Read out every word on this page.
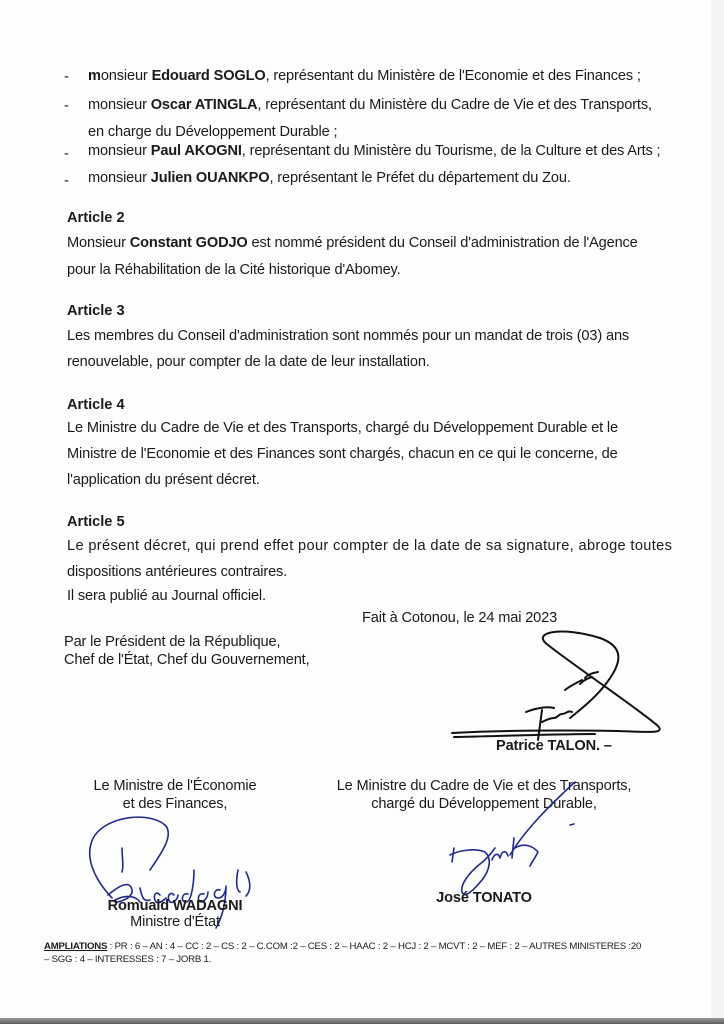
- monsieur Edouard SOGLO, représentant du Ministère de l'Economie et des Finances ;
- monsieur Oscar ATINGLA, représentant du Ministère du Cadre de Vie et des Transports,
en charge du Développement Durable ;
- monsieur Paul AKOGNI, représentant du Ministère du Tourisme, de la Culture et des Arts ;
- monsieur Julien OUANKPO, représentant le Préfet du département du Zou.
Article 2
Monsieur Constant GODJO est nommé président du Conseil d'administration de l'Agence
pour la Réhabilitation de la Cité historique d'Abomey.
Article 3
Les membres du Conseil d'administration sont nommés pour un mandat de trois (03) ans
renouvelable, pour compter de la date de leur installation.
Article 4
Le Ministre du Cadre de Vie et des Transports, chargé du Développement Durable et le
Ministre de l'Economie et des Finances sont chargés, chacun en ce qui le concerne, de
l'application du présent décret.
Article 5
Le présent décret, qui prend effet pour compter de la date de sa signature, abroge toutes
dispositions antérieures contraires.
Il sera publié au Journal officiel.
Fait à Cotonou, le 24 mai 2023
Par le Président de la République,
Chef de l'État, Chef du Gouvernement,
Patrice TALON. –
Le Ministre de l'Économie
et des Finances,
Romuald WADAGNI
Ministre d'État
Le Ministre du Cadre de Vie et des Transports,
chargé du Développement Durable,
José TONATO
AMPLIATIONS : PR : 6 – AN : 4 – CC : 2 – CS : 2 – C.COM :2 – CES : 2 – HAAC : 2 – HCJ : 2 – MCVT : 2 – MEF : 2 – AUTRES MINISTERES :20
– SGG : 4 – INTERESSES : 7 – JORB 1.
